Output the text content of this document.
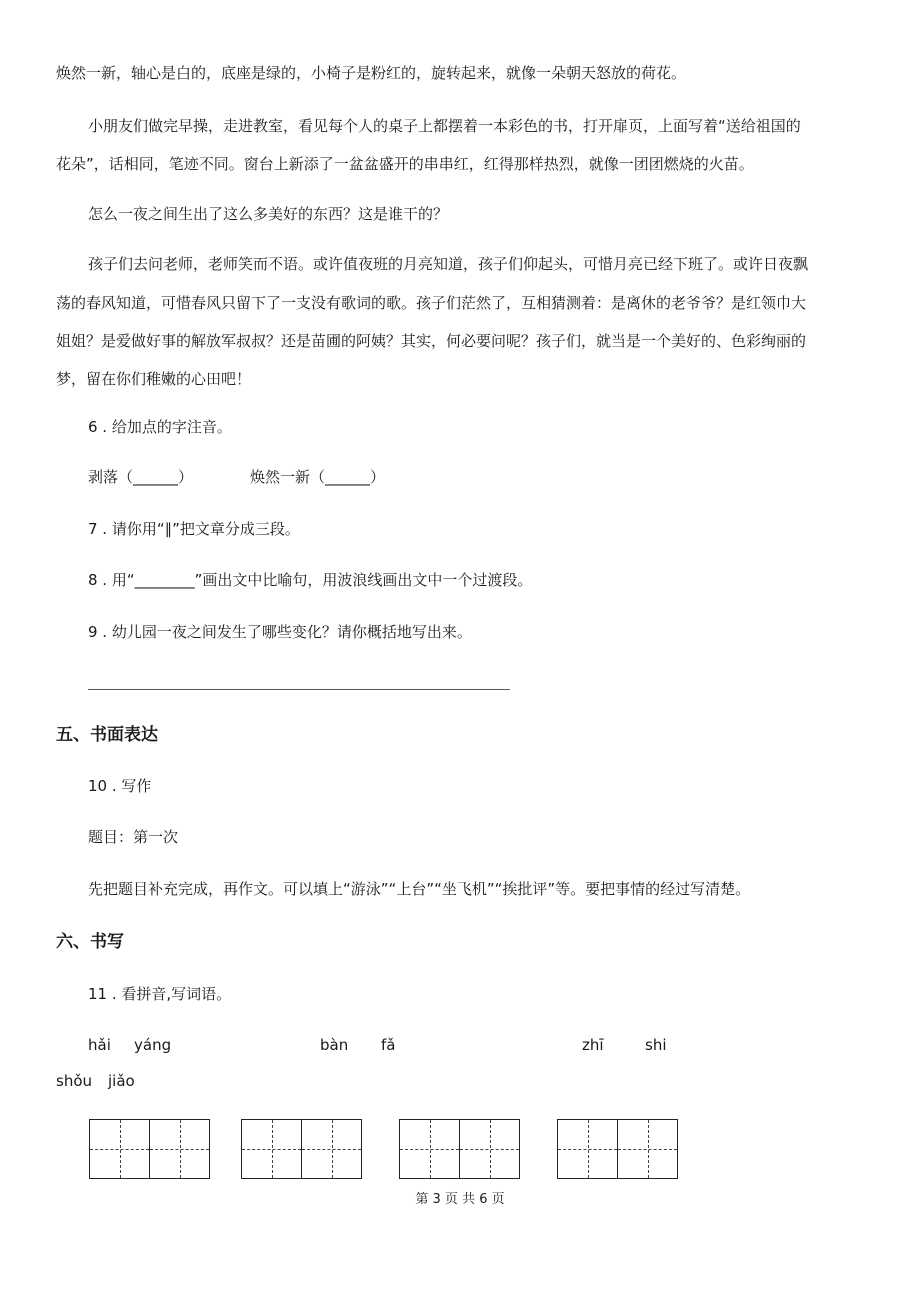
焕然一新，轴心是白的，底座是绿的，小椅子是粉红的，旋转起来，就像一朵朝天怒放的荷花。
小朋友们做完早操，走进教室，看见每个人的桌子上都摆着一本彩色的书，打开扉页，上面写着“送给祖国的
花朵”，话相同，笔迹不同。窗台上新添了一盆盆盛开的串串红，红得那样热烈，就像一团团燃烧的火苗。
怎么一夜之间生出了这么多美好的东西？这是谁干的？
孩子们去问老师，老师笑而不语。或许值夜班的月亮知道，孩子们仰起头，可惜月亮已经下班了。或许日夜飘
荡的春风知道，可惜春风只留下了一支没有歌词的歌。孩子们茫然了，互相猜测着：是离休的老爷爷？是红领巾大
姐姐？是爱做好事的解放军叔叔？还是苗圃的阿姨？其实，何必要问呢？孩子们，就当是一个美好的、色彩绚丽的
梦，留在你们稚嫩的心田吧！
6 . 给加点的字注音。
剥落（______）	焕然一新（______）
7 . 请你用“∥”把文章分成三段。
8 . 用“________”画出文中比喻句，用波浪线画出文中一个过渡段。
9 . 幼儿园一夜之间发生了哪些变化？请你概括地写出来。
五、书面表达
10 . 写作
题目：第一次
先把题目补充完成，再作文。可以填上“游泳”“上台”“坐飞机”“挨批评”等。要把事情的经过写清楚。
六、书写
11 . 看拼音,写词语。
hǎi yáng	bàn fǎ	zhī	shi
shǒu jiǎo
第 3 页 共 6 页
